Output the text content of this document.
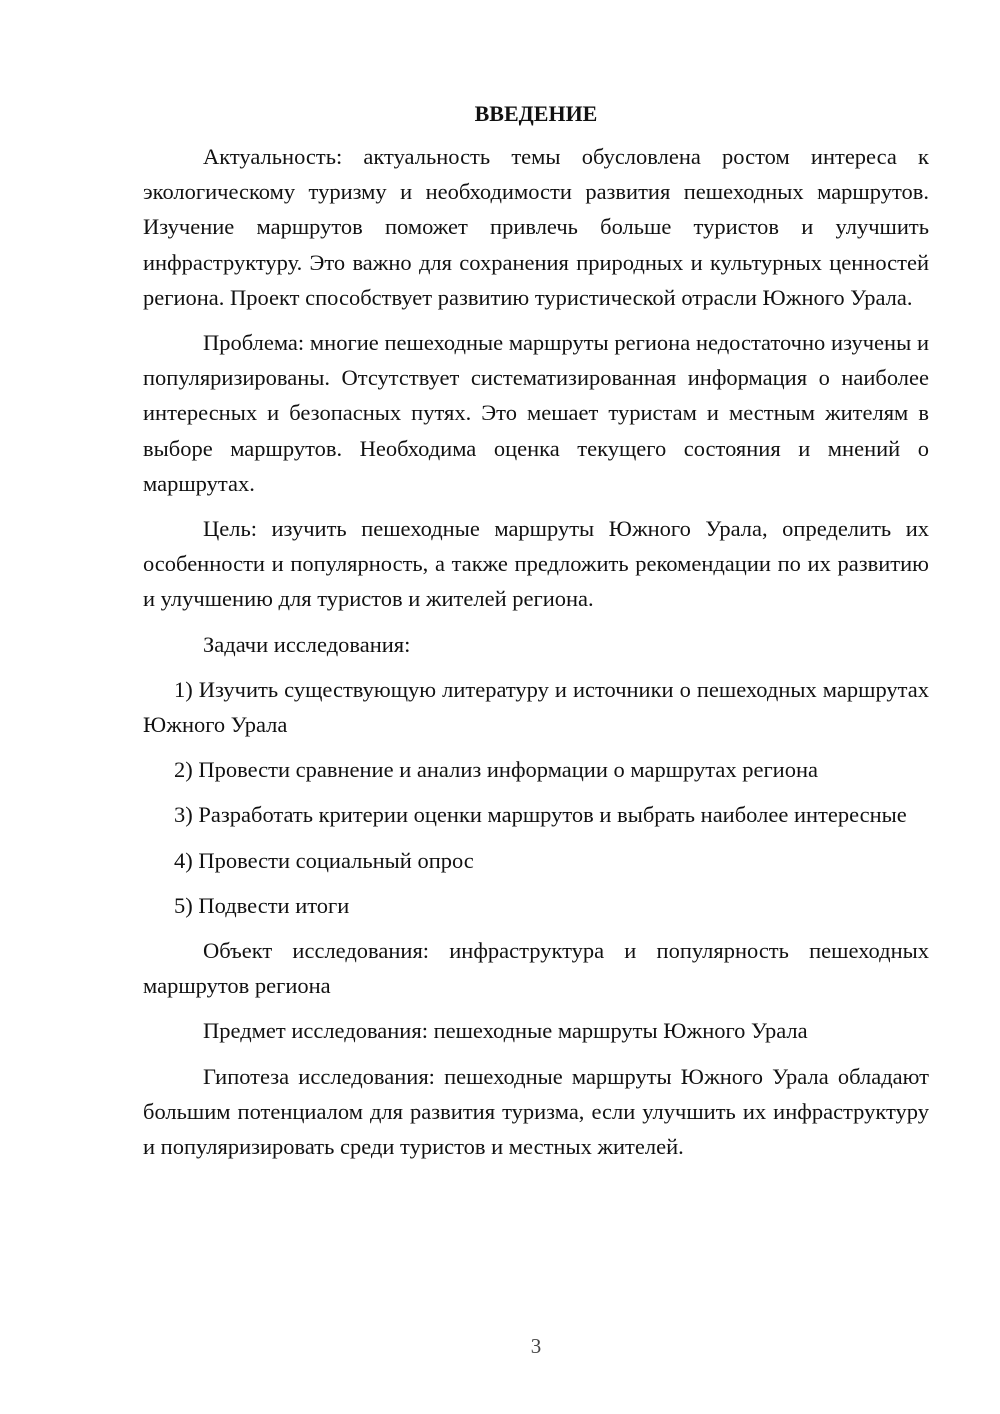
ВВЕДЕНИЕ

Актуальность: актуальность темы обусловлена ростом интереса к экологическому туризму и необходимости развития пешеходных маршрутов. Изучение маршрутов поможет привлечь больше туристов и улучшить инфраструктуру. Это важно для сохранения природных и культурных ценностей региона. Проект способствует развитию туристической отрасли Южного Урала.

Проблема: многие пешеходные маршруты региона недостаточно изучены и популяризированы. Отсутствует систематизированная информация о наиболее интересных и безопасных путях. Это мешает туристам и местным жителям в выборе маршрутов. Необходима оценка текущего состояния и мнений о маршрутах.

Цель: изучить пешеходные маршруты Южного Урала, определить их особенности и популярность, а также предложить рекомендации по их развитию и улучшению для туристов и жителей региона.

Задачи исследования:

1) Изучить существующую литературу и источники о пешеходных маршрутах Южного Урала

2) Провести сравнение и анализ информации о маршрутах региона

3) Разработать критерии оценки маршрутов и выбрать наиболее интересные

4) Провести социальный опрос

5) Подвести итоги

Объект исследования: инфраструктура и популярность пешеходных маршрутов региона

Предмет исследования: пешеходные маршруты Южного Урала

Гипотеза исследования: пешеходные маршруты Южного Урала обладают большим потенциалом для развития туризма, если улучшить их инфраструктуру и популяризировать среди туристов и местных жителей.

3
